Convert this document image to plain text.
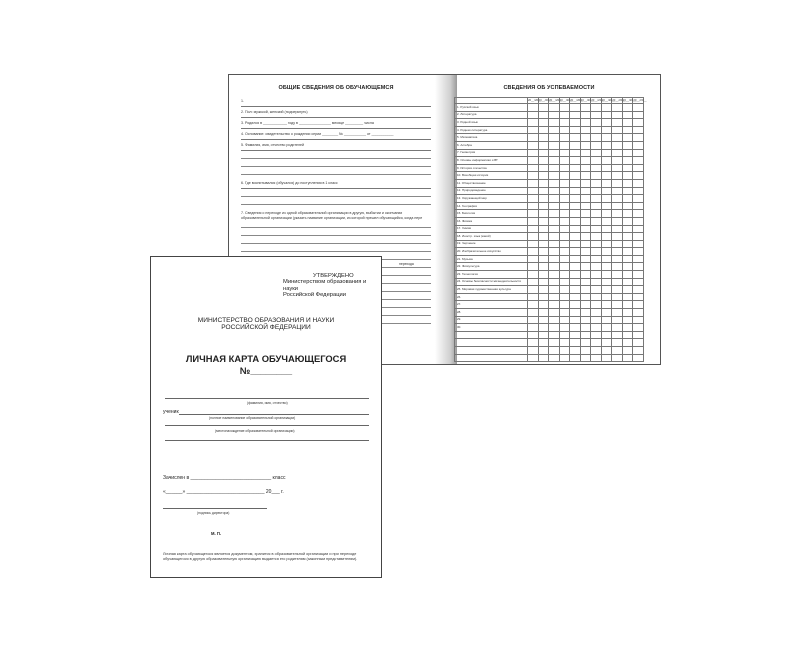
ОБЩИЕ СВЕДЕНИЯ ОБ ОБУЧАЮЩЕМСЯ
1.
2. Пол: мужской, женский (подчеркнуть)
3. Родился в ____________ году в ________________ месяце _________ числа
4. Основание: свидетельство о рождении серии ________ № ___________ от ___________
5. Фамилия, имя, отчество родителей
6. Где воспитывался (обучался) до поступления в 1 класс
7. Сведения о переходе из одной образовательной организации в другую, выбытии и окончании образовательной организации (указать название организации, из которой прешел обучающийся, когда пере
перехода
СВЕДЕНИЯ ОБ УСПЕВАЕМОСТИ
	20__/20__	20__/20__	20__/20__	20__/20__	20__/20__	20__/20__	20__/20__	20__/20__	20__/20__	20__/20__	20__/20__
1. Русский язык											
2. Литература											
3. Родной язык											
4. Родная литература											
5. Математика											
6. Алгебра											
7. Геометрия											
8. Основы информатики и ВТ											
9. История отечества											
10. Всеобщая история											
11. Обществознание											
12. Природоведение											
13. Окружающий мир											
14. География											
15. Биология											
16. Физика											
17. Химия											
18. Иностр. язык (какой)											
19. Черчение											
20. Изобразительное искусство											
21. Музыка											
22. Физкультура											
23. Технология											
24. Основы безопасности жизнедеятельности											
25. Мировая художественная культура											
26.											
27.											
28.											
29.											
30.											

УТВЕРЖДЕНО
Министерством образования и науки
Российской Федерации
МИНИСТЕРСТВО ОБРАЗОВАНИЯ И НАУКИ
РОССИЙСКОЙ ФЕДЕРАЦИИ
ЛИЧНАЯ КАРТА ОБУЧАЮЩЕГОСЯ
№________
(фамилия, имя, отчество)
ученик
(полное наименование образовательной организации)
(местонахождение образовательной организации)
Зачислен в _____________________________ класс
«______» ____________________________ 20___ г.
(подпись директора)
М. П.
Личная карта обучающегося является документом, хранится в образовательной организации и при переходе обучающегося в другую образовательную организацию выдается его родителям (законным представителям).
